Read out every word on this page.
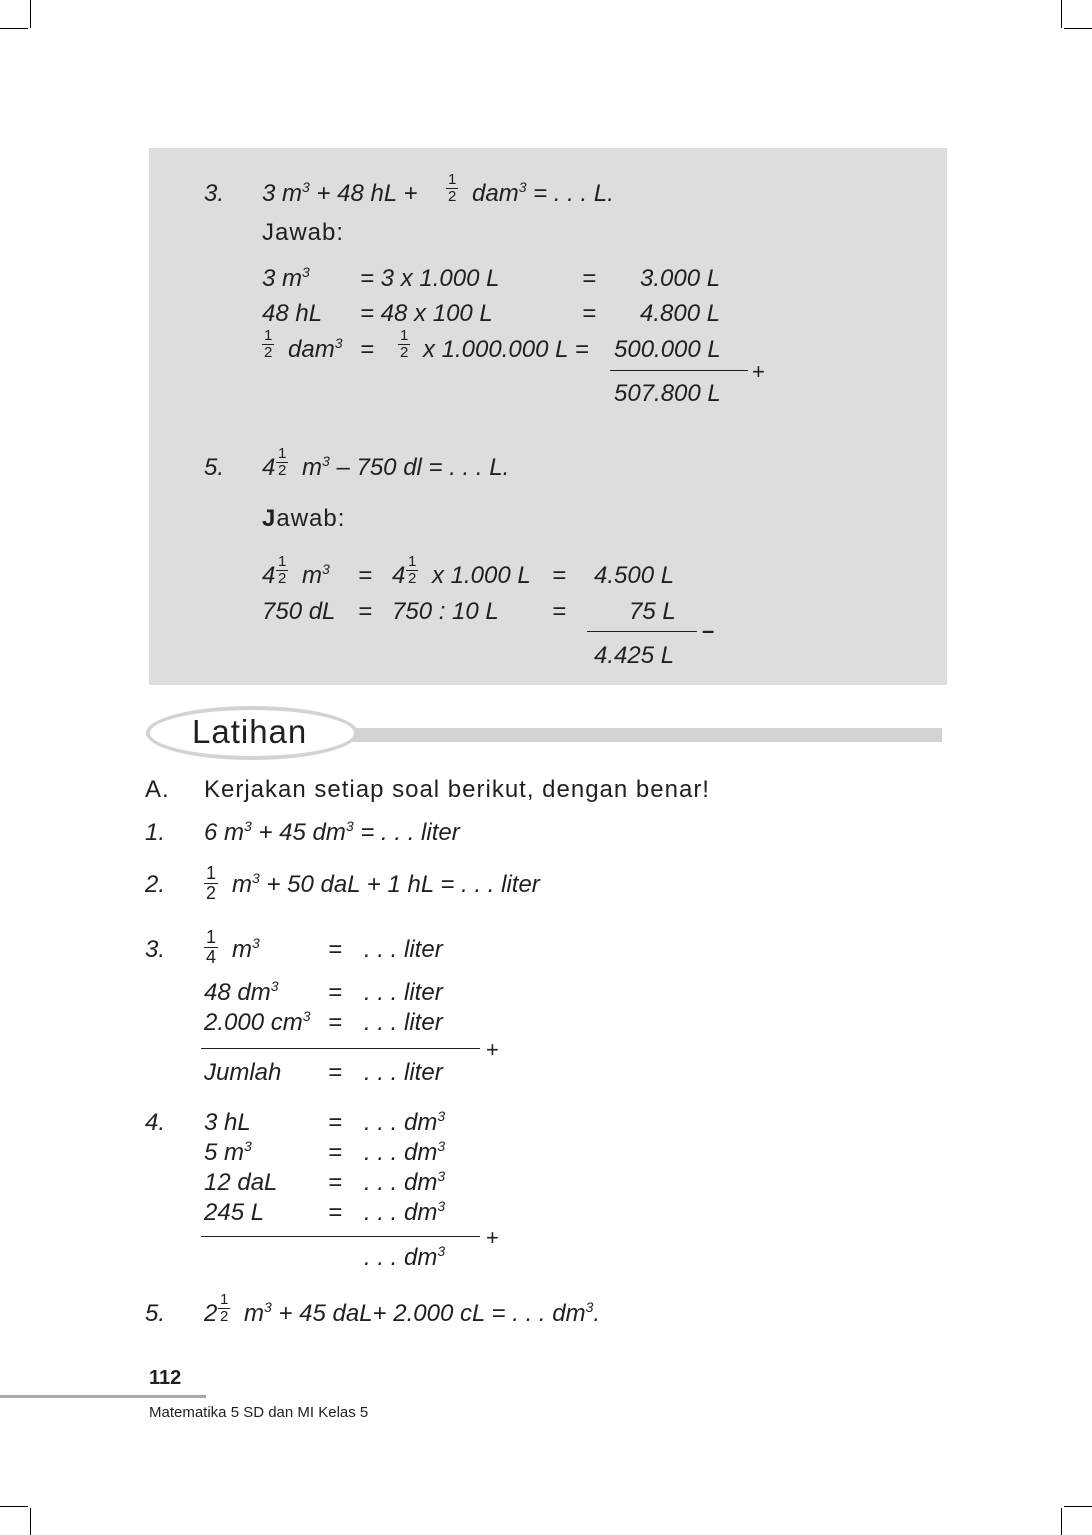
3. 3 $m^3 + 48$ hL + $\frac{1}{2} dam^3$ = . . . L.
Jawab:
3 $m^3 = 3$ x 1.000 L	= 3.000 L
48 hL = 48 x 100 L	= 4.800 L
$\frac{1}{2} dam^3 = \frac{1}{2}$ x 1.000.000 L = 500.000 L
+
507.800 L
5. $4 \frac{1}{2} m^3 - 750$ dl = . . . L.
Jawab:
$4 \frac{1}{2} m^3 = 4 \frac{1}{2}$ x 1.000 L = 4.500 L
750 dL = 750 : 10 L =	75 L
–
4.425 L
Latihan
A. Kerjakan setiap soal berikut, dengan benar!
1. 6 $m^3 + 45$ $dm^3$ = . . . liter
2. $\frac{1}{2} m^3 + 50$ daL + 1 hL = . . . liter
3. $\frac{1}{4} m^3$	= . . . liter
48 $dm^3$ = . . . liter
2.000 $cm^3$ = . . . liter
+
Jumlah = . . . liter
4. 3 hL	= . . . $dm^3$
5 $m^3$	= . . . $dm^3$
12 daL = . . . $dm^3$
245 L	= . . . $dm^3$
+
. . . $dm^3$
5. $2 \frac{1}{2} m^3 + 45$ daL+ 2.000 cL = . . . $dm^3$.
112
Matematika 5 SD dan MI Kelas 5
